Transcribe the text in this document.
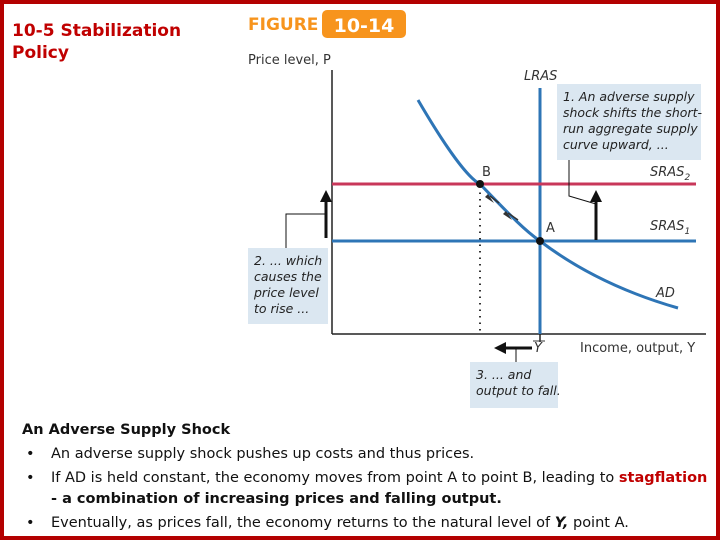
10-5 Stabilization Policy
FIGURE 10-14
Price level, P
Income, output, Y
LRAS
Y
$SRAS_2$
$SRAS_1$
AD
B
A
1. An adverse supply
shock shifts the short-
run aggregate supply
curve upward, ...
2. ... which
causes the
price level
to rise ...
3. ... and
output to fall.
An Adverse Supply Shock
• An adverse supply shock pushes up costs and thus prices.
• If AD is held constant, the economy moves from point A to point B, leading to stagflation - a combination of increasing prices and falling output.
• Eventually, as prices fall, the economy returns to the natural level of Y, point A.
